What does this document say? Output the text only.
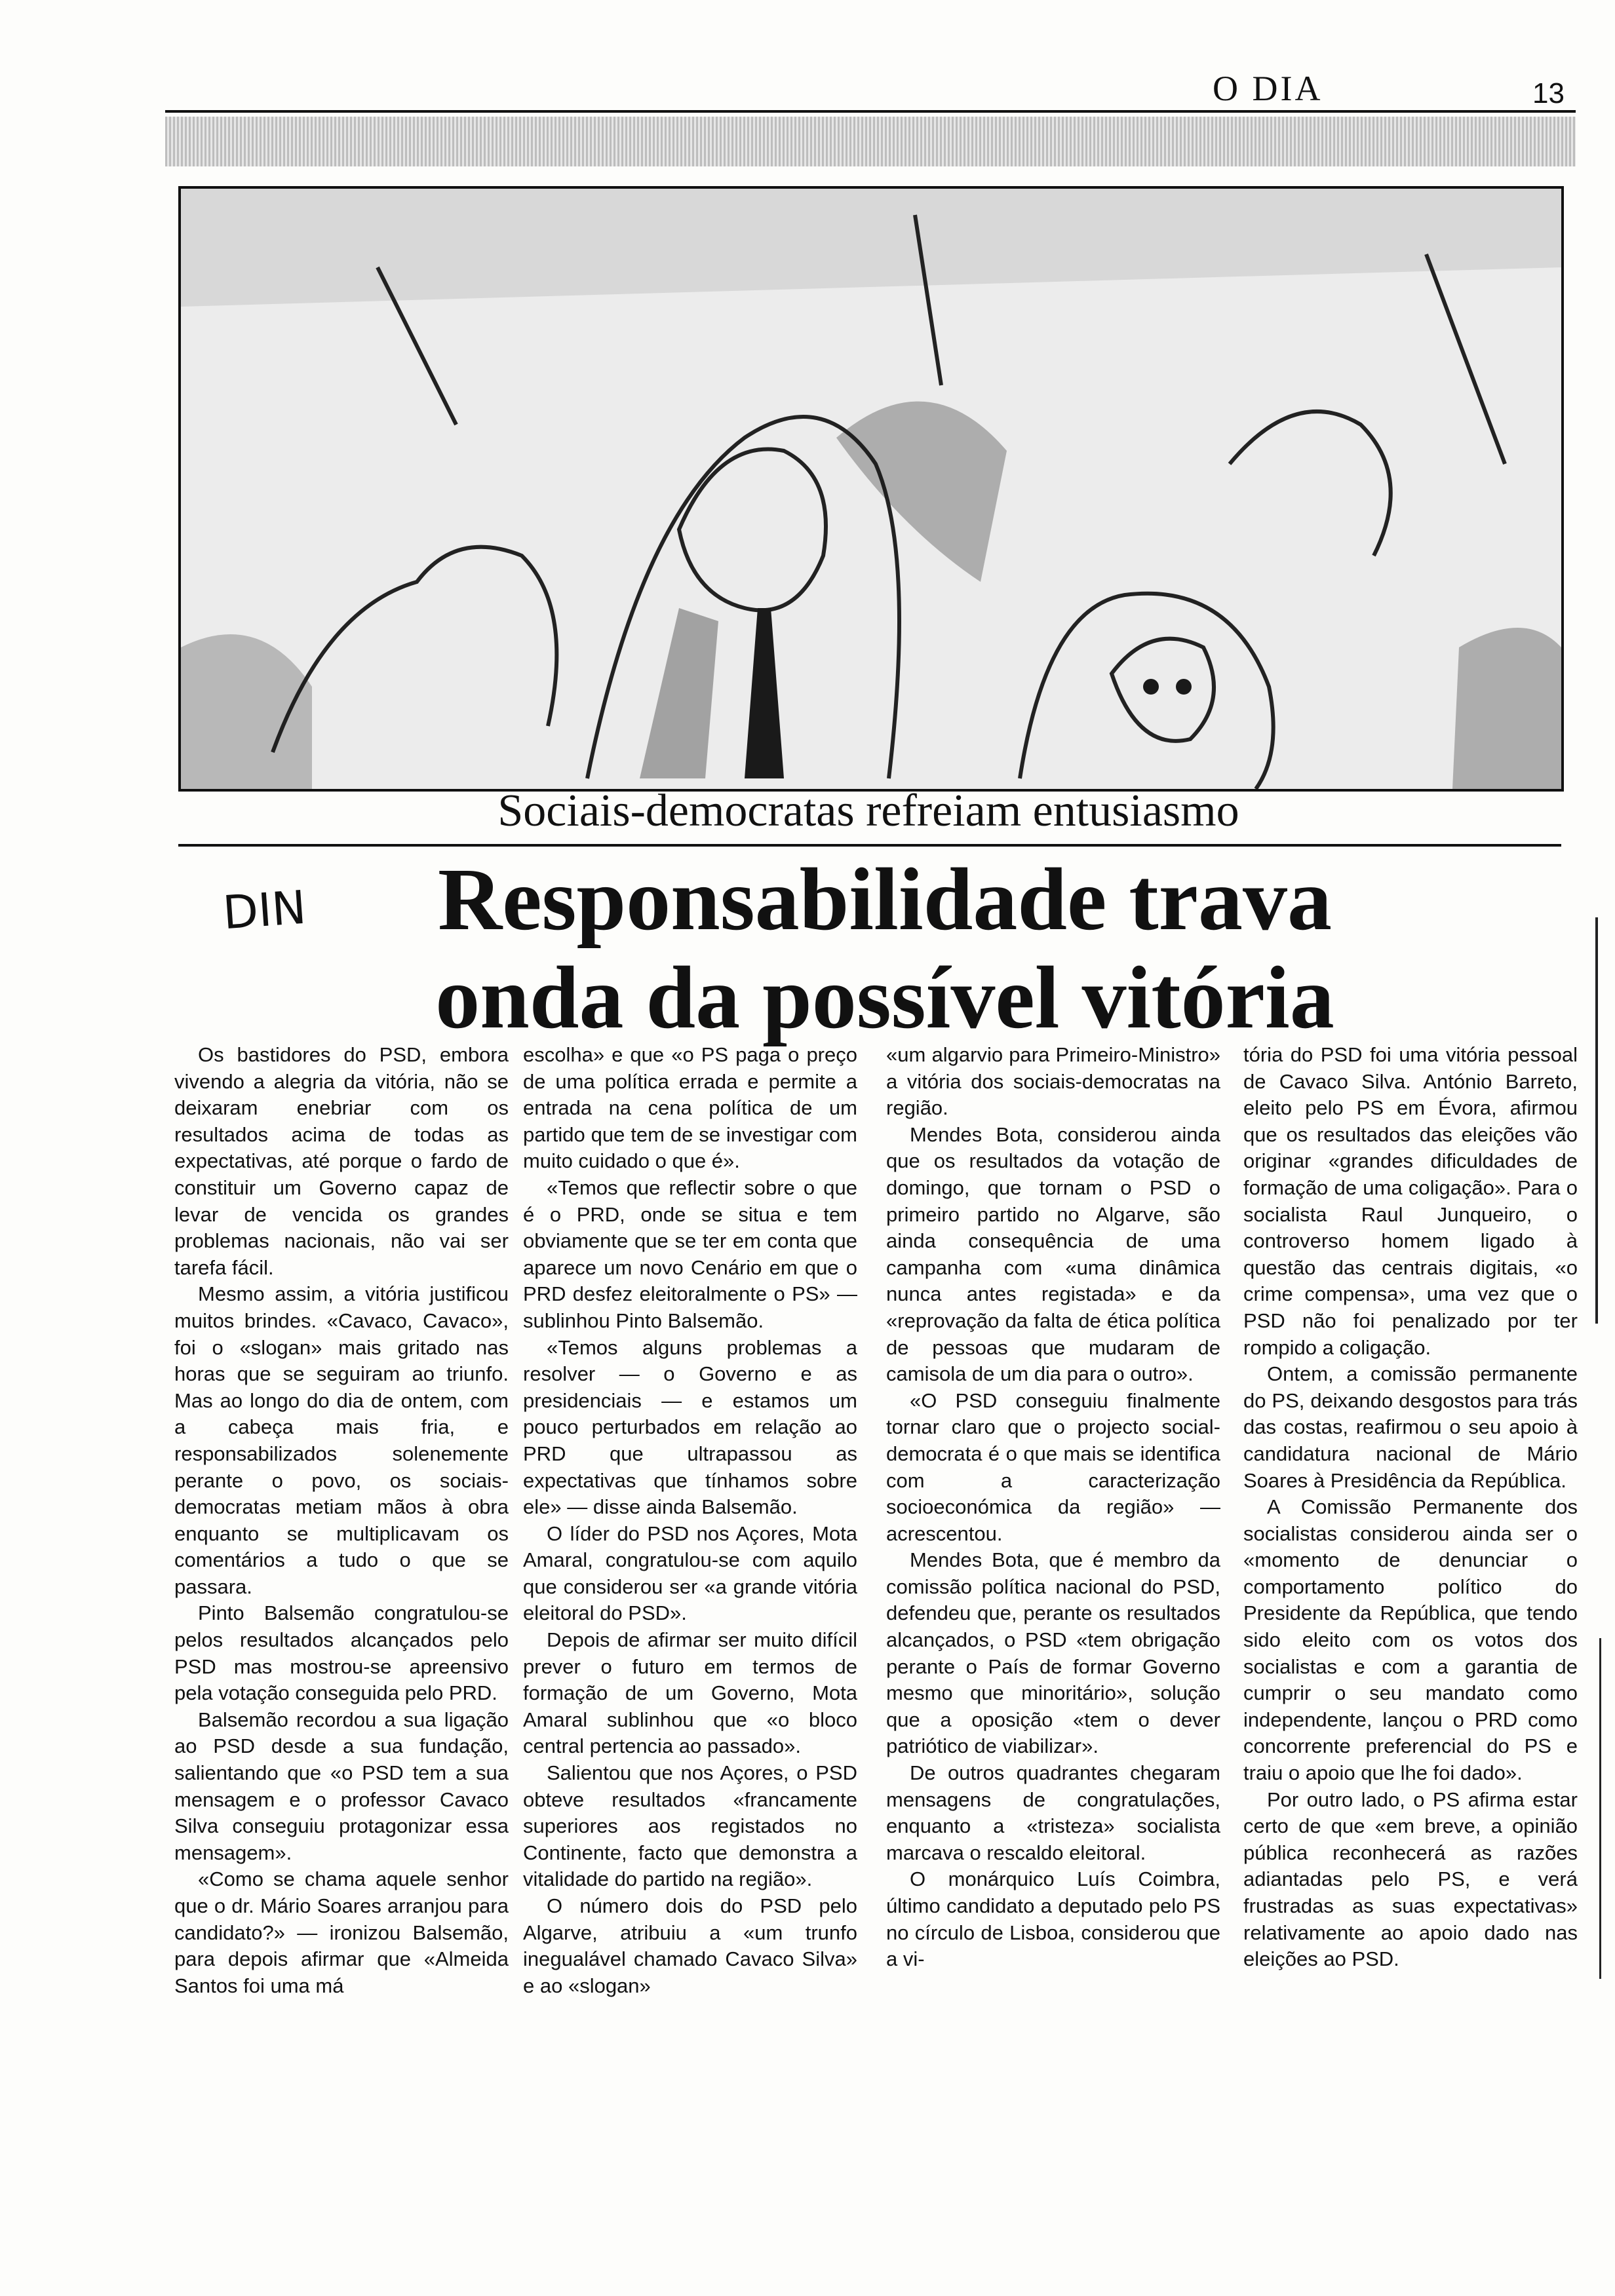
O DIA	13
Sociais-democratas refreiam entusiasmo
DIN	Responsabilidade trava
onda da possível vitória

Os bastidores do PSD, embora vivendo a alegria da vitória, não se deixaram enebriar com os resultados acima de todas as expectativas, até porque o fardo de constituir um Governo capaz de levar de vencida os grandes problemas nacionais, não vai ser tarefa fácil.

Mesmo assim, a vitória justificou muitos brindes. «Cavaco, Cavaco», foi o «slogan» mais gritado nas horas que se seguiram ao triunfo. Mas ao longo do dia de ontem, com a cabeça mais fria, e responsabilizados solenemente perante o povo, os sociais-democratas metiam mãos à obra enquanto se multiplicavam os comentários a tudo o que se passara.

Pinto Balsemão congratulou-se pelos resultados alcançados pelo PSD mas mostrou-se apreensivo pela votação conseguida pelo PRD.

Balsemão recordou a sua ligação ao PSD desde a sua fundação, salientando que «o PSD tem a sua mensagem e o professor Cavaco Silva conseguiu protagonizar essa mensagem».

«Como se chama aquele senhor que o dr. Mário Soares arranjou para candidato?» — ironizou Balsemão, para depois afirmar que «Almeida Santos foi uma má

escolha» e que «o PS paga o preço de uma política errada e permite a entrada na cena política de um partido que tem de se investigar com muito cuidado o que é».

«Temos que reflectir sobre o que é o PRD, onde se situa e tem obviamente que se ter em conta que aparece um novo Cenário em que o PRD desfez eleitoralmente o PS» — sublinhou Pinto Balsemão.

«Temos alguns problemas a resolver — o Governo e as presidenciais — e estamos um pouco perturbados em relação ao PRD que ultrapassou as expectativas que tínhamos sobre ele» — disse ainda Balsemão.

O líder do PSD nos Açores, Mota Amaral, congratulou-se com aquilo que considerou ser «a grande vitória eleitoral do PSD».

Depois de afirmar ser muito difícil prever o futuro em termos de formação de um Governo, Mota Amaral sublinhou que «o bloco central pertencia ao passado».

Salientou que nos Açores, o PSD obteve resultados «francamente superiores aos registados no Continente, facto que demonstra a vitalidade do partido na região».

O número dois do PSD pelo Algarve, atribuiu a «um trunfo inegualável chamado Cavaco Silva» e ao «slogan»

«um algarvio para Primeiro-Ministro» a vitória dos sociais-democratas na região.

Mendes Bota, considerou ainda que os resultados da votação de domingo, que tornam o PSD o primeiro partido no Algarve, são ainda consequência de uma campanha com «uma dinâmica nunca antes registada» e da «reprovação da falta de ética política de pessoas que mudaram de camisola de um dia para o outro».

«O PSD conseguiu finalmente tornar claro que o projecto social-democrata é o que mais se identifica com a caracterização socioeconómica da região» — acrescentou.

Mendes Bota, que é membro da comissão política nacional do PSD, defendeu que, perante os resultados alcançados, o PSD «tem obrigação perante o País de formar Governo mesmo que minoritário», solução que a oposição «tem o dever patriótico de viabilizar».

De outros quadrantes chegaram mensagens de congratulações, enquanto a «tristeza» socialista marcava o rescaldo eleitoral.

O monárquico Luís Coimbra, último candidato a deputado pelo PS no círculo de Lisboa, considerou que a vi-

tória do PSD foi uma vitória pessoal de Cavaco Silva. António Barreto, eleito pelo PS em Évora, afirmou que os resultados das eleições vão originar «grandes dificuldades de formação de uma coligação». Para o socialista Raul Junqueiro, o controverso homem ligado à questão das centrais digitais, «o crime compensa», uma vez que o PSD não foi penalizado por ter rompido a coligação.

Ontem, a comissão permanente do PS, deixando desgostos para trás das costas, reafirmou o seu apoio à candidatura nacional de Mário Soares à Presidência da República.

A Comissão Permanente dos socialistas considerou ainda ser o «momento de denunciar o comportamento político do Presidente da República, que tendo sido eleito com os votos dos socialistas e com a garantia de cumprir o seu mandato como independente, lançou o PRD como concorrente preferencial do PS e traiu o apoio que lhe foi dado».

Por outro lado, o PS afirma estar certo de que «em breve, a opinião pública reconhecerá as razões adiantadas pelo PS, e verá frustradas as suas expectativas» relativamente ao apoio dado nas eleições ao PSD.
